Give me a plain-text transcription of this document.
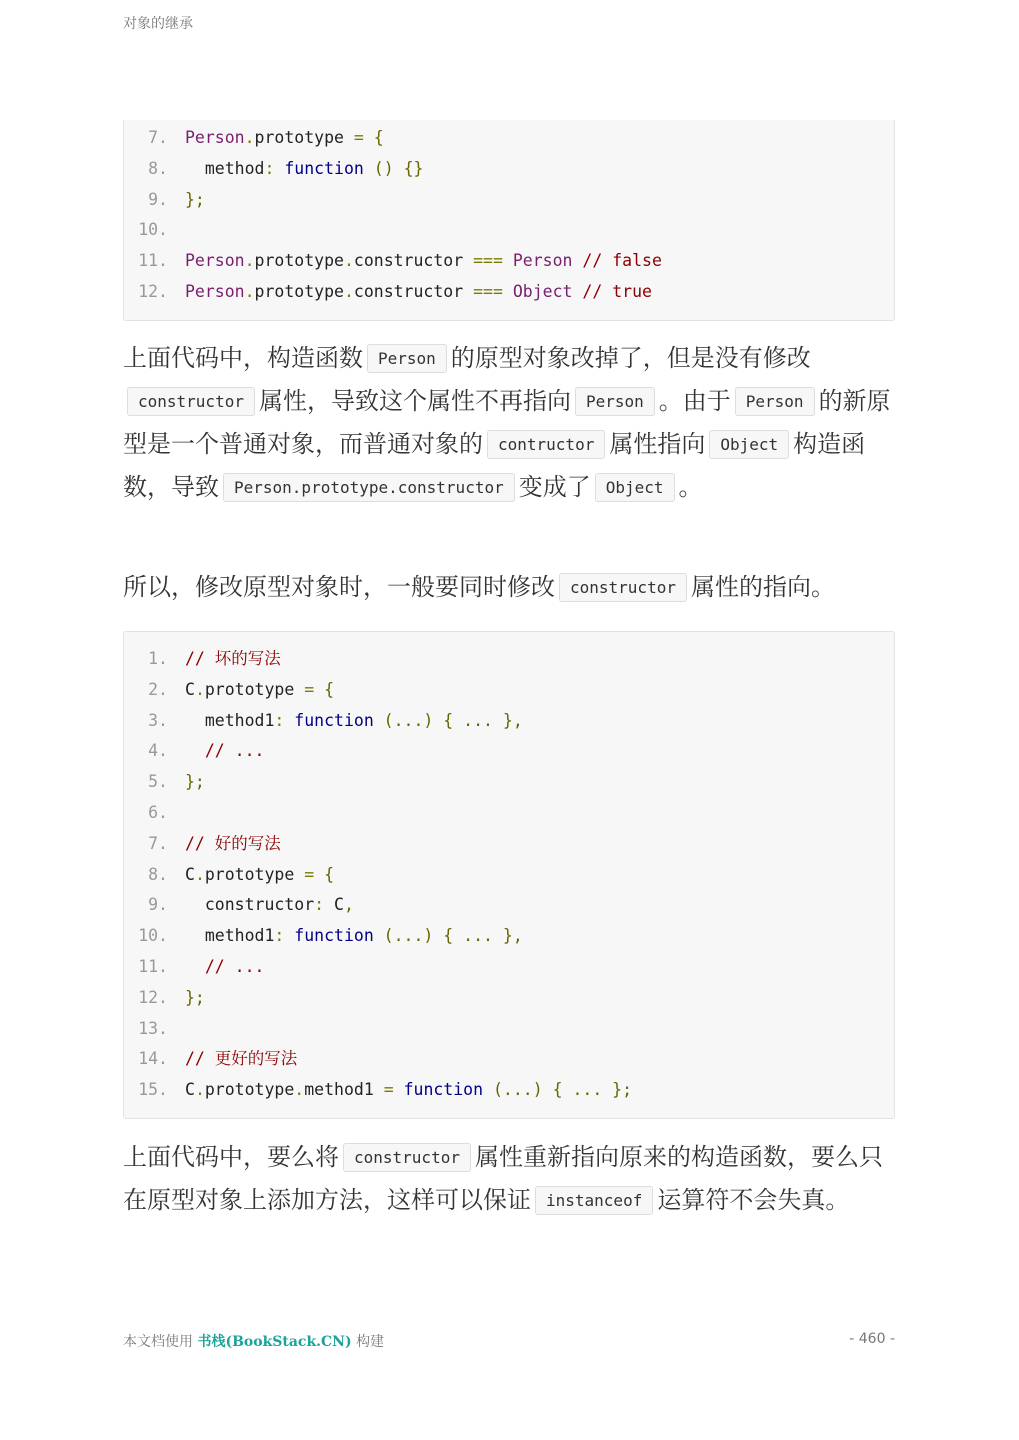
对象的继承
7. Person.prototype = {
8.  method: function () {}
9. };
10.
11. Person.prototype.constructor === Person // false
12. Person.prototype.constructor === Object // true
上面代码中，构造函数 Person 的原型对象改掉了，但是没有修改constructor 属性，导致这个属性不再指向 Person 。由于 Person 的新原型是一个普通对象，而普通对象的 contructor 属性指向 Object 构造函数，导致 Person.prototype.constructor 变成了 Object 。
所以，修改原型对象时，一般要同时修改 constructor 属性的指向。
1. // 坏的写法
2. C.prototype = {
3.  method1: function (...) { ... },
4.  // ...
5. };
6.
7. // 好的写法
8. C.prototype = {
9.  constructor: C,
10.  method1: function (...) { ... },
11.  // ...
12. };
13.
14. // 更好的写法
15. C.prototype.method1 = function (...) { ... };
上面代码中，要么将 constructor 属性重新指向原来的构造函数，要么只在原型对象上添加方法，这样可以保证 instanceof 运算符不会失真。
本文档使用 书栈(BookStack.CN) 构建	- 460 -
